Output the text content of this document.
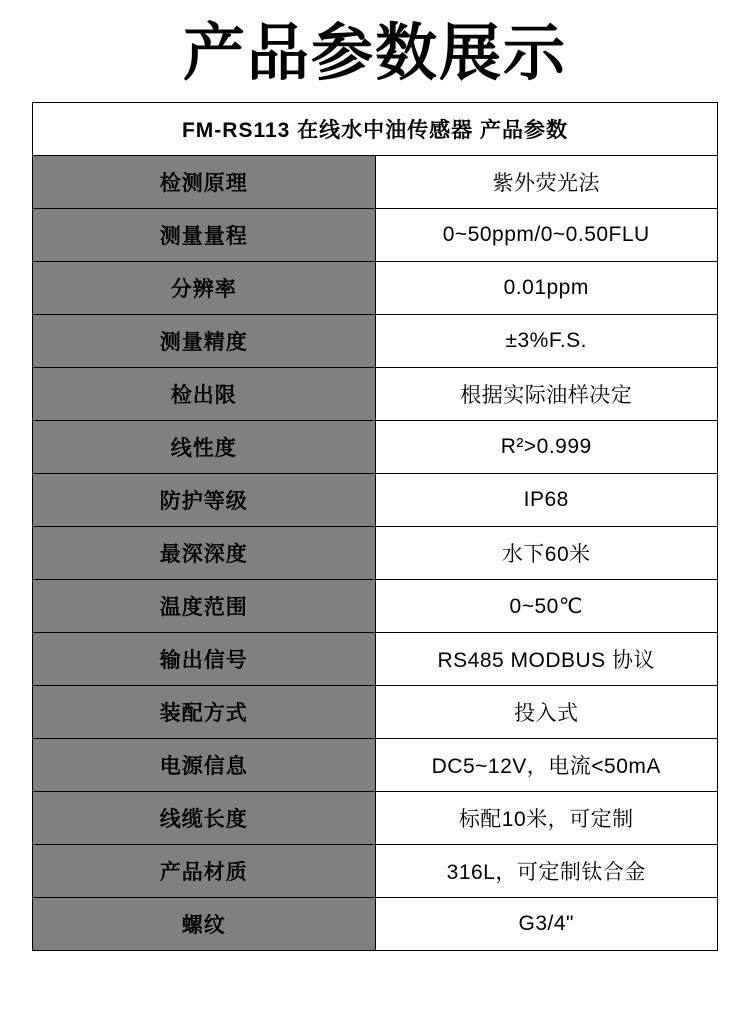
产品参数展示
FM-RS113 在线水中油传感器 产品参数	
检测原理	紫外荧光法
测量量程	0~50ppm/0~0.50FLU
分辨率	0.01ppm
测量精度	±3%F.S.
检出限	根据实际油样决定
线性度	R²>0.999
防护等级	IP68
最深深度	水下60米
温度范围	0~50℃
输出信号	RS485 MODBUS 协议
装配方式	投入式
电源信息	DC5~12V，电流<50mA
线缆长度	标配10米，可定制
产品材质	316L，可定制钛合金
螺纹	G3/4"
